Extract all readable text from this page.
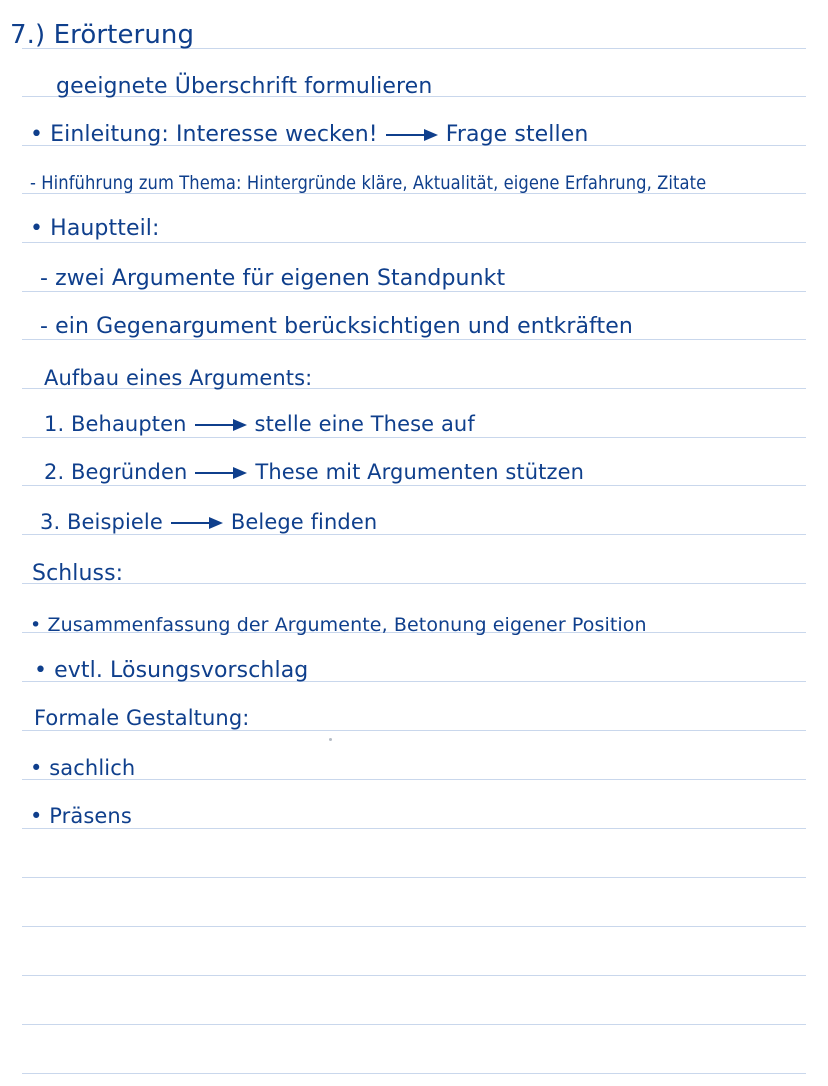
7.) Erörterung
geeignete Überschrift formulieren
• Einleitung: Interesse wecken!	Frage stellen
- Hinführung zum Thema: Hintergründe kläre, Aktualität, eigene Erfahrung, Zitate
• Hauptteil:
- zwei Argumente für eigenen Standpunkt
- ein Gegenargument berücksichtigen und entkräften
Aufbau eines Arguments:
1. Behaupten	stelle eine These auf
2. Begründen	These mit Argumenten stützen
3. Beispiele	Belege finden
Schluss:
• Zusammenfassung der Argumente, Betonung eigener Position
• evtl. Lösungsvorschlag
Formale Gestaltung:
• sachlich
• Präsens
